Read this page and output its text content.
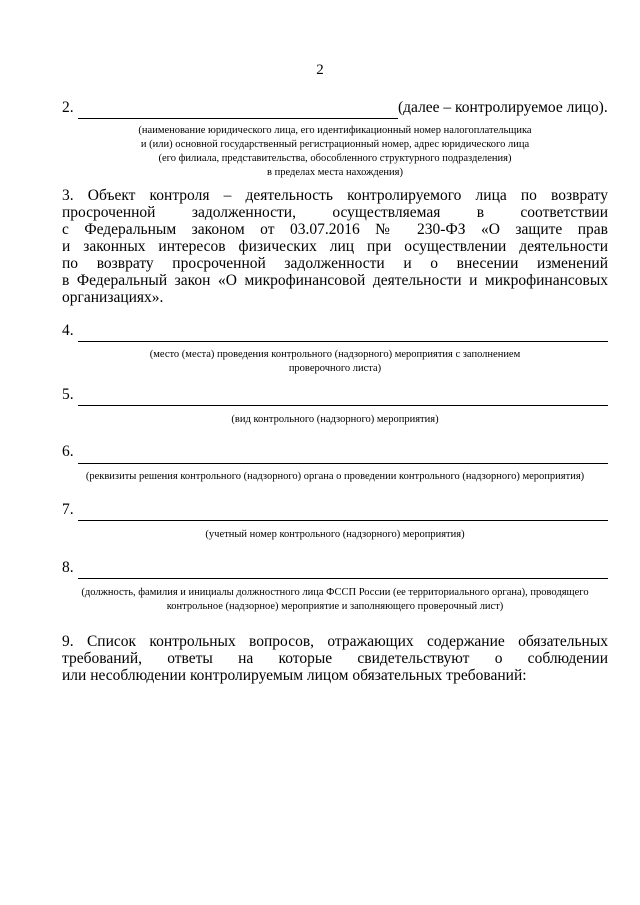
2
2.	(далее – контролируемое лицо).
(наименование юридического лица, его идентификационный номер налогоплательщика
и (или) основной государственный регистрационный номер, адрес юридического лица
(его филиала, представительства, обособленного структурного подразделения)
в пределах места нахождения)
3. Объект контроля – деятельность контролируемого лица по возврату
просроченной задолженности, осуществляемая в соответствии
с Федеральным законом от 03.07.2016 № 230-ФЗ «О защите прав
и законных интересов физических лиц при осуществлении деятельности
по возврату просроченной задолженности и о внесении изменений
в Федеральный закон «О микрофинансовой деятельности и микрофинансовых
организациях».
4.
(место (места) проведения контрольного (надзорного) мероприятия с заполнением
проверочного листа)
5.
(вид контрольного (надзорного) мероприятия)
6.
(реквизиты решения контрольного (надзорного) органа о проведении контрольного (надзорного) мероприятия)
7.
(учетный номер контрольного (надзорного) мероприятия)
8.
(должность, фамилия и инициалы должностного лица ФССП России (ее территориального органа), проводящего
контрольное (надзорное) мероприятие и заполняющего проверочный лист)
9. Список контрольных вопросов, отражающих содержание обязательных
требований, ответы на которые свидетельствуют о соблюдении
или несоблюдении контролируемым лицом обязательных требований:
